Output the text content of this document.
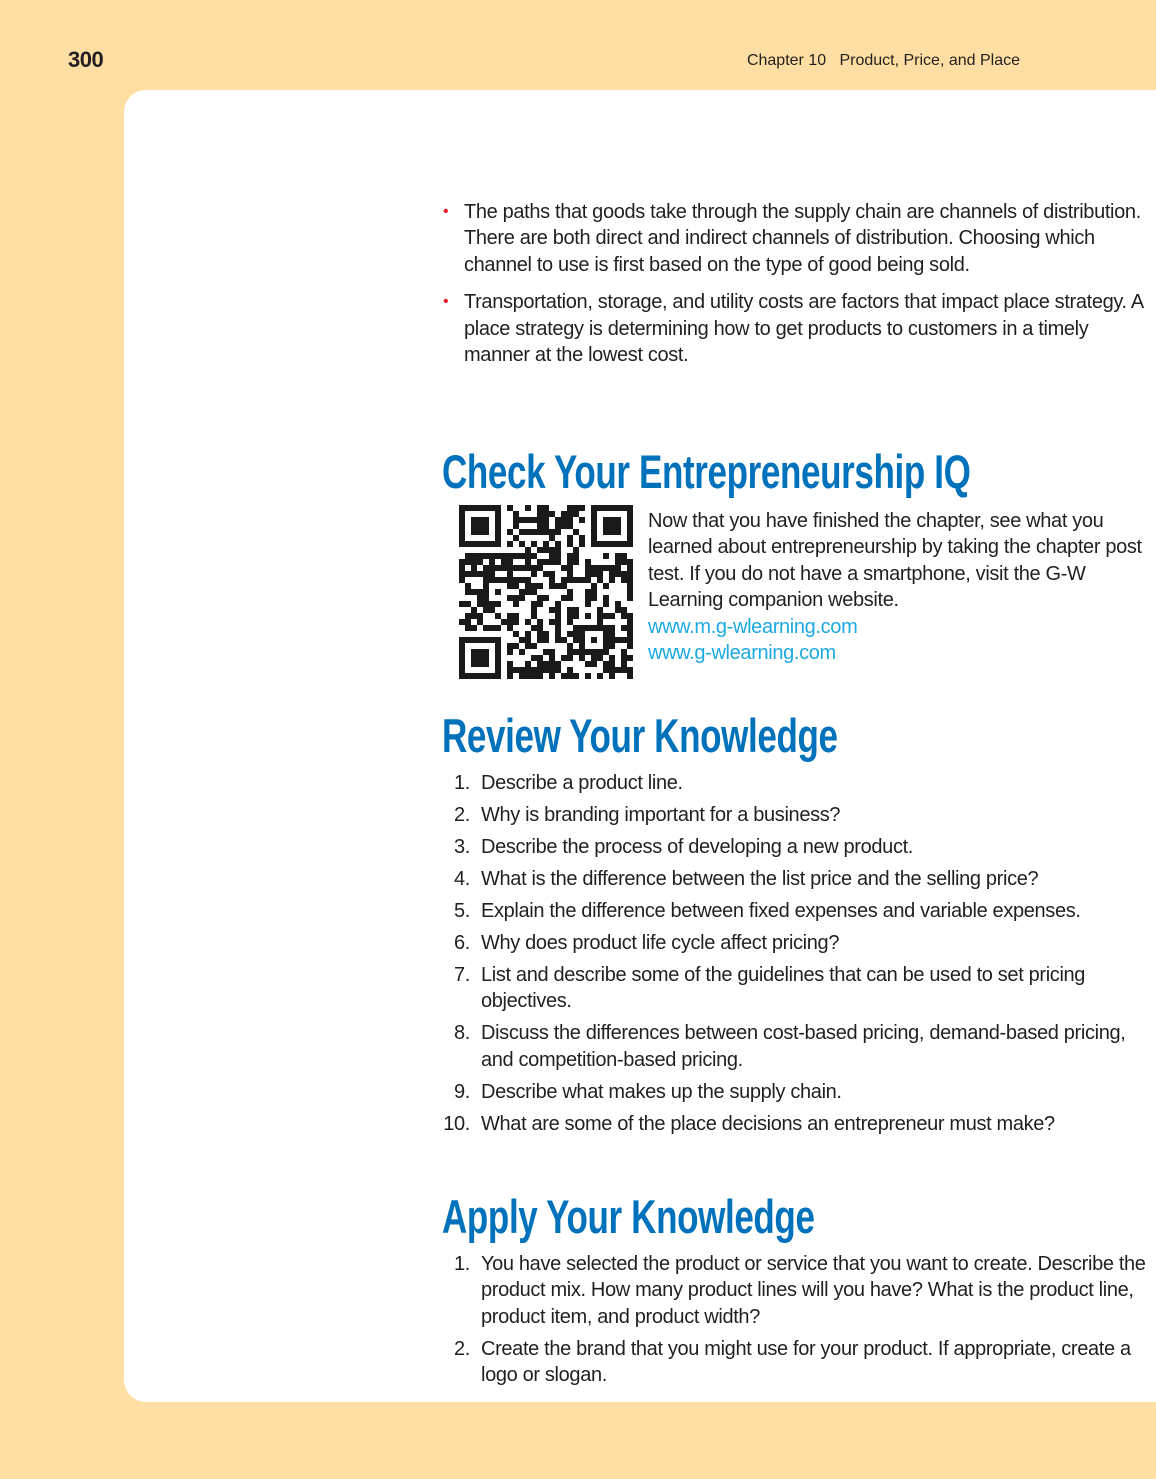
300	Chapter 10   Product, Price, and Place
• The paths that goods take through the supply chain are channels of distribution. There are both direct and indirect channels of distribution. Choosing which channel to use is first based on the type of good being sold.
• Transportation, storage, and utility costs are factors that impact place strategy. A place strategy is determining how to get products to customers in a timely manner at the lowest cost.
Check Your Entrepreneurship IQ
Now that you have finished the chapter, see what you learned about entrepreneurship by taking the chapter post test. If you do not have a smartphone, visit the G-W Learning companion website.
www.m.g-wlearning.com
www.g-wlearning.com
Review Your Knowledge
1. Describe a product line.
2. Why is branding important for a business?
3. Describe the process of developing a new product.
4. What is the difference between the list price and the selling price?
5. Explain the difference between fixed expenses and variable expenses.
6. Why does product life cycle affect pricing?
7. List and describe some of the guidelines that can be used to set pricing objectives.
8. Discuss the differences between cost-based pricing, demand-based pricing, and competition-based pricing.
9. Describe what makes up the supply chain.
10. What are some of the place decisions an entrepreneur must make?
Apply Your Knowledge
1. You have selected the product or service that you want to create. Describe the product mix. How many product lines will you have? What is the product line, product item, and product width?
2. Create the brand that you might use for your product. If appropriate, create a logo or slogan.
